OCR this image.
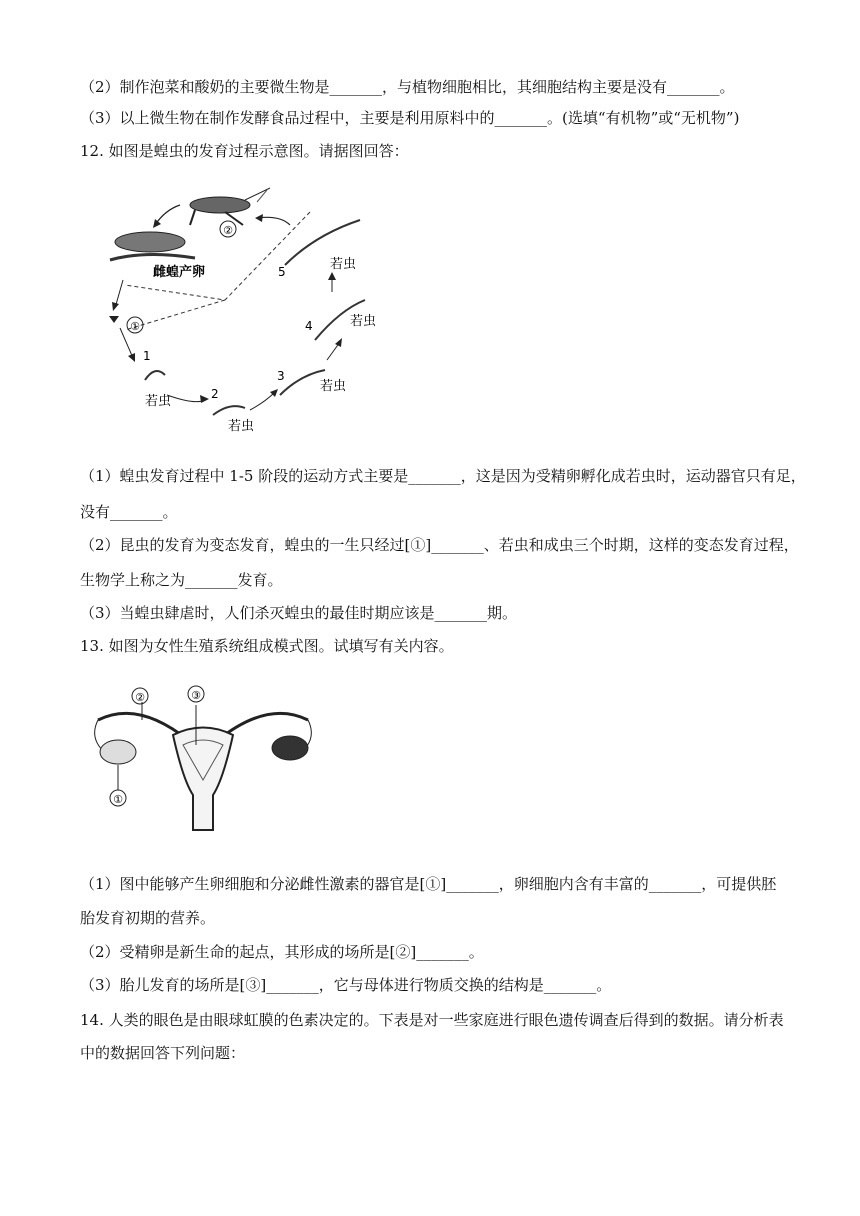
（2）制作泡菜和酸奶的主要微生物是_______，与植物细胞相比，其细胞结构主要是没有_______。
（3）以上微生物在制作发酵食品过程中，主要是利用原料中的_______。(选填“有机物”或“无机物”)
12. 如图是蝗虫的发育过程示意图。请据图回答：
②
雌蝗产卵
①
1
若虫	2
若虫
3
若虫
4	若虫
5	若虫
（1）蝗虫发育过程中 1-5 阶段的运动方式主要是_______，这是因为受精卵孵化成若虫时，运动器官只有足，
没有_______。
（2）昆虫的发育为变态发育，蝗虫的一生只经过[①]_______、若虫和成虫三个时期，这样的变态发育过程，
生物学上称之为_______发育。
（3）当蝗虫肆虐时，人们杀灭蝗虫的最佳时期应该是_______期。
13. 如图为女性生殖系统组成模式图。试填写有关内容。
①
②	③
（1）图中能够产生卵细胞和分泌雌性激素的器官是[①]_______，卵细胞内含有丰富的_______，可提供胚
胎发育初期的营养。
（2）受精卵是新生命的起点，其形成的场所是[②]_______。
（3）胎儿发育的场所是[③]_______，它与母体进行物质交换的结构是_______。
14. 人类的眼色是由眼球虹膜的色素决定的。下表是对一些家庭进行眼色遗传调查后得到的数据。请分析表
中的数据回答下列问题：
